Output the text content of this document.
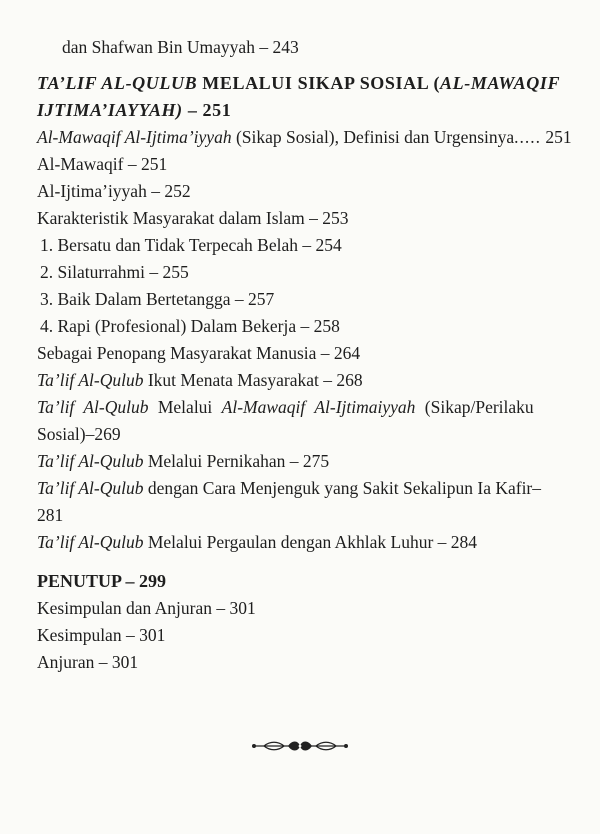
dan Shafwan Bin Umayyah – 243
TA’LIF AL-QULUB MELALUI SIKAP SOSIAL (AL-MAWAQIF
IJTIMA’IAYYAH) – 251
Al-Mawaqif Al-Ijtima’iyyah (Sikap Sosial), Definisi dan Urgensinya..... 251
Al-Mawaqif – 251
Al-Ijtima’iyyah – 252
Karakteristik Masyarakat dalam Islam – 253
1. Bersatu dan Tidak Terpecah Belah – 254
2. Silaturrahmi – 255
3. Baik Dalam Bertetangga – 257
4. Rapi (Profesional) Dalam Bekerja – 258
Sebagai Penopang Masyarakat Manusia – 264
Ta’lif Al-Qulub Ikut Menata Masyarakat – 268
Ta’lif Al-Qulub Melalui Al-Mawaqif Al-Ijtimaiyyah (Sikap/Perilaku
Sosial)–269
Ta’lif Al-Qulub Melalui Pernikahan – 275
Ta’lif Al-Qulub dengan Cara Menjenguk yang Sakit Sekalipun Ia Kafir–
281
Ta’lif Al-Qulub Melalui Pergaulan dengan Akhlak Luhur – 284
PENUTUP – 299
Kesimpulan dan Anjuran – 301
Kesimpulan – 301
Anjuran – 301
